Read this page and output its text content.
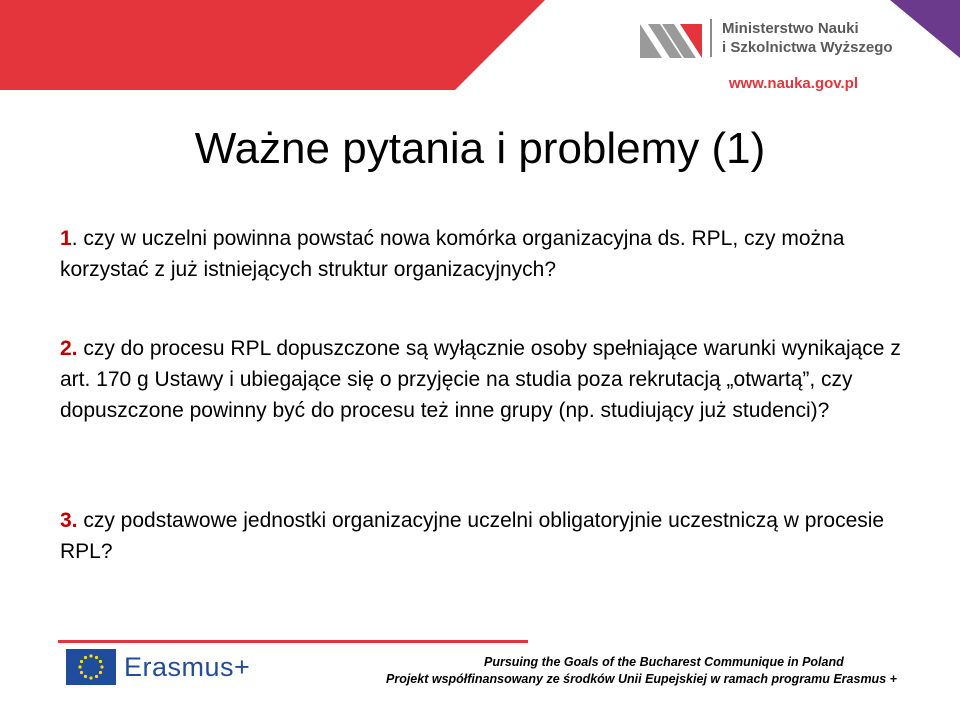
Ministerstwo Nauki
i Szkolnictwa Wyższego
www.nauka.gov.pl
Ważne pytania i problemy (1)

1. czy w uczelni powinna powstać nowa komórka organizacyjna ds. RPL, czy można korzystać z już istniejących struktur organizacyjnych?

2. czy do procesu RPL dopuszczone są wyłącznie osoby spełniające warunki wynikające z art. 170 g Ustawy i ubiegające się o przyjęcie na studia poza rekrutacją „otwartą”, czy dopuszczone powinny być do procesu też inne grupy (np. studiujący już studenci)?

3. czy podstawowe jednostki organizacyjne uczelni obligatoryjnie uczestniczą w procesie RPL?

Erasmus+	Pursuing the Goals of the Bucharest Communique in Poland

Projekt współfinansowany ze środków Unii Eupejskiej w ramach programu Erasmus +
